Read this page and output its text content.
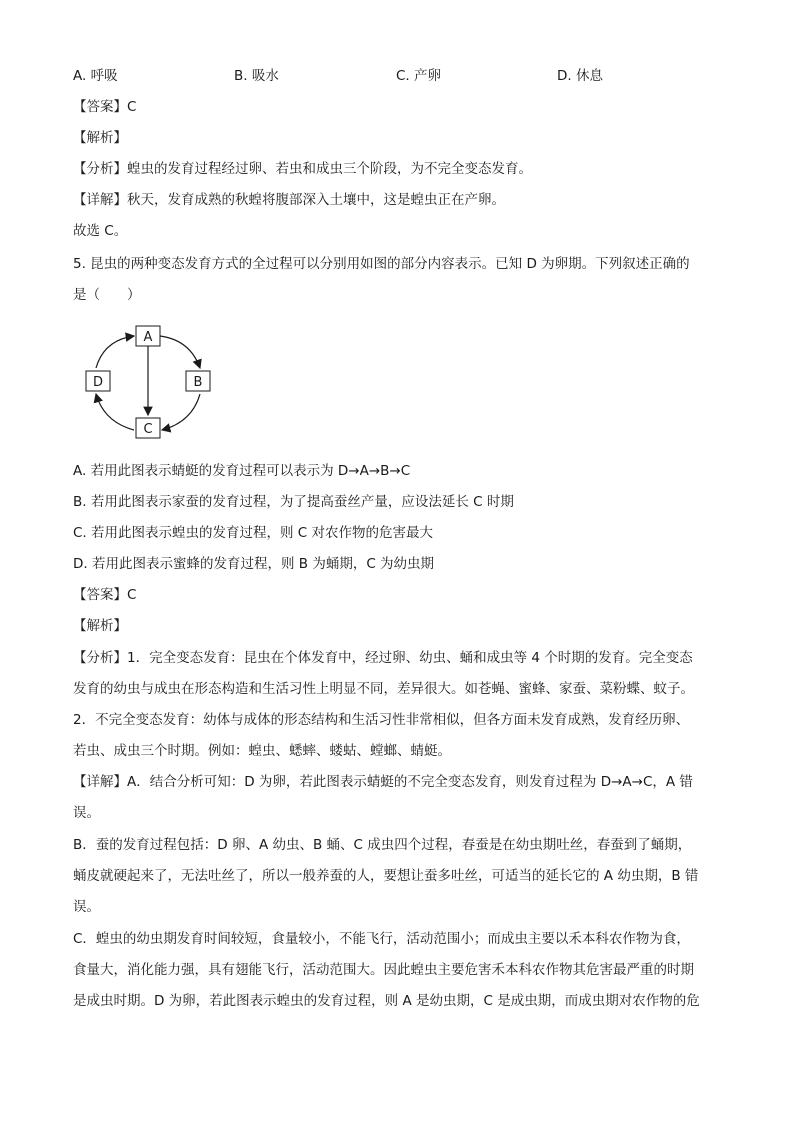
A. 呼吸	B. 吸水	C. 产卵	D. 休息
【答案】C
【解析】
【分析】蝗虫的发育过程经过卵、若虫和成虫三个阶段，为不完全变态发育。
【详解】秋天，发育成熟的秋蝗将腹部深入土壤中，这是蝗虫正在产卵。
故选 C。
5. 昆虫的两种变态发育方式的全过程可以分别用如图的部分内容表示。已知 D 为卵期。下列叙述正确的
是（　　）
A
B
C
D
A. 若用此图表示蜻蜓的发育过程可以表示为 D→A→B→C
B. 若用此图表示家蚕的发育过程，为了提高蚕丝产量，应设法延长 C 时期
C. 若用此图表示蝗虫的发育过程，则 C 对农作物的危害最大
D. 若用此图表示蜜蜂的发育过程，则 B 为蛹期，C 为幼虫期
【答案】C
【解析】
【分析】1．完全变态发育：昆虫在个体发育中，经过卵、幼虫、蛹和成虫等 4 个时期的发育。完全变态
发育的幼虫与成虫在形态构造和生活习性上明显不同，差异很大。如苍蝇、蜜蜂、家蚕、菜粉蝶、蚊子。
2．不完全变态发育：幼体与成体的形态结构和生活习性非常相似，但各方面未发育成熟，发育经历卵、
若虫、成虫三个时期。例如：蝗虫、蟋蟀、蝼蛄、螳螂、蜻蜓。
【详解】A．结合分析可知：D 为卵，若此图表示蜻蜓的不完全变态发育，则发育过程为 D→A→C，A 错
误。
B．蚕的发育过程包括：D 卵、A 幼虫、B 蛹、C 成虫四个过程，春蚕是在幼虫期吐丝，春蚕到了蛹期，
蛹皮就硬起来了，无法吐丝了，所以一般养蚕的人，要想让蚕多吐丝，可适当的延长它的 A 幼虫期，B 错
误。
C．蝗虫的幼虫期发育时间较短，食量较小，不能飞行，活动范围小；而成虫主要以禾本科农作物为食，
食量大，消化能力强，具有翅能飞行，活动范围大。因此蝗虫主要危害禾本科农作物其危害最严重的时期
是成虫时期。D 为卵，若此图表示蝗虫的发育过程，则 A 是幼虫期，C 是成虫期，而成虫期对农作物的危
